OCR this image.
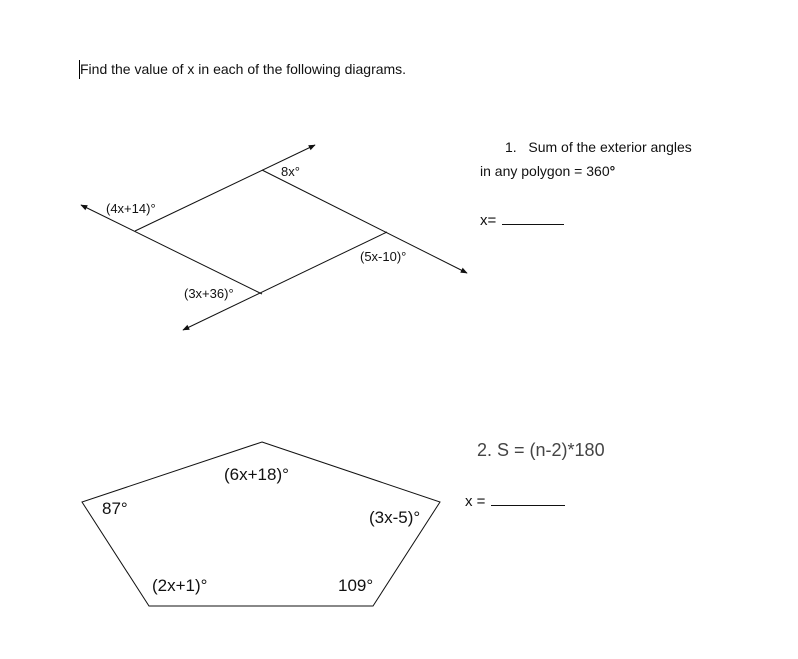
Find the value of x in each of the following diagrams.
1. Sum of the exterior angles
in any polygon = 360°
x=
2. S = (n-2)*180
x =
8x°
(4x+14)°
(5x-10)°
(3x+36)°
(6x+18)°
87°	(3x-5)°
(2x+1)°	109°
